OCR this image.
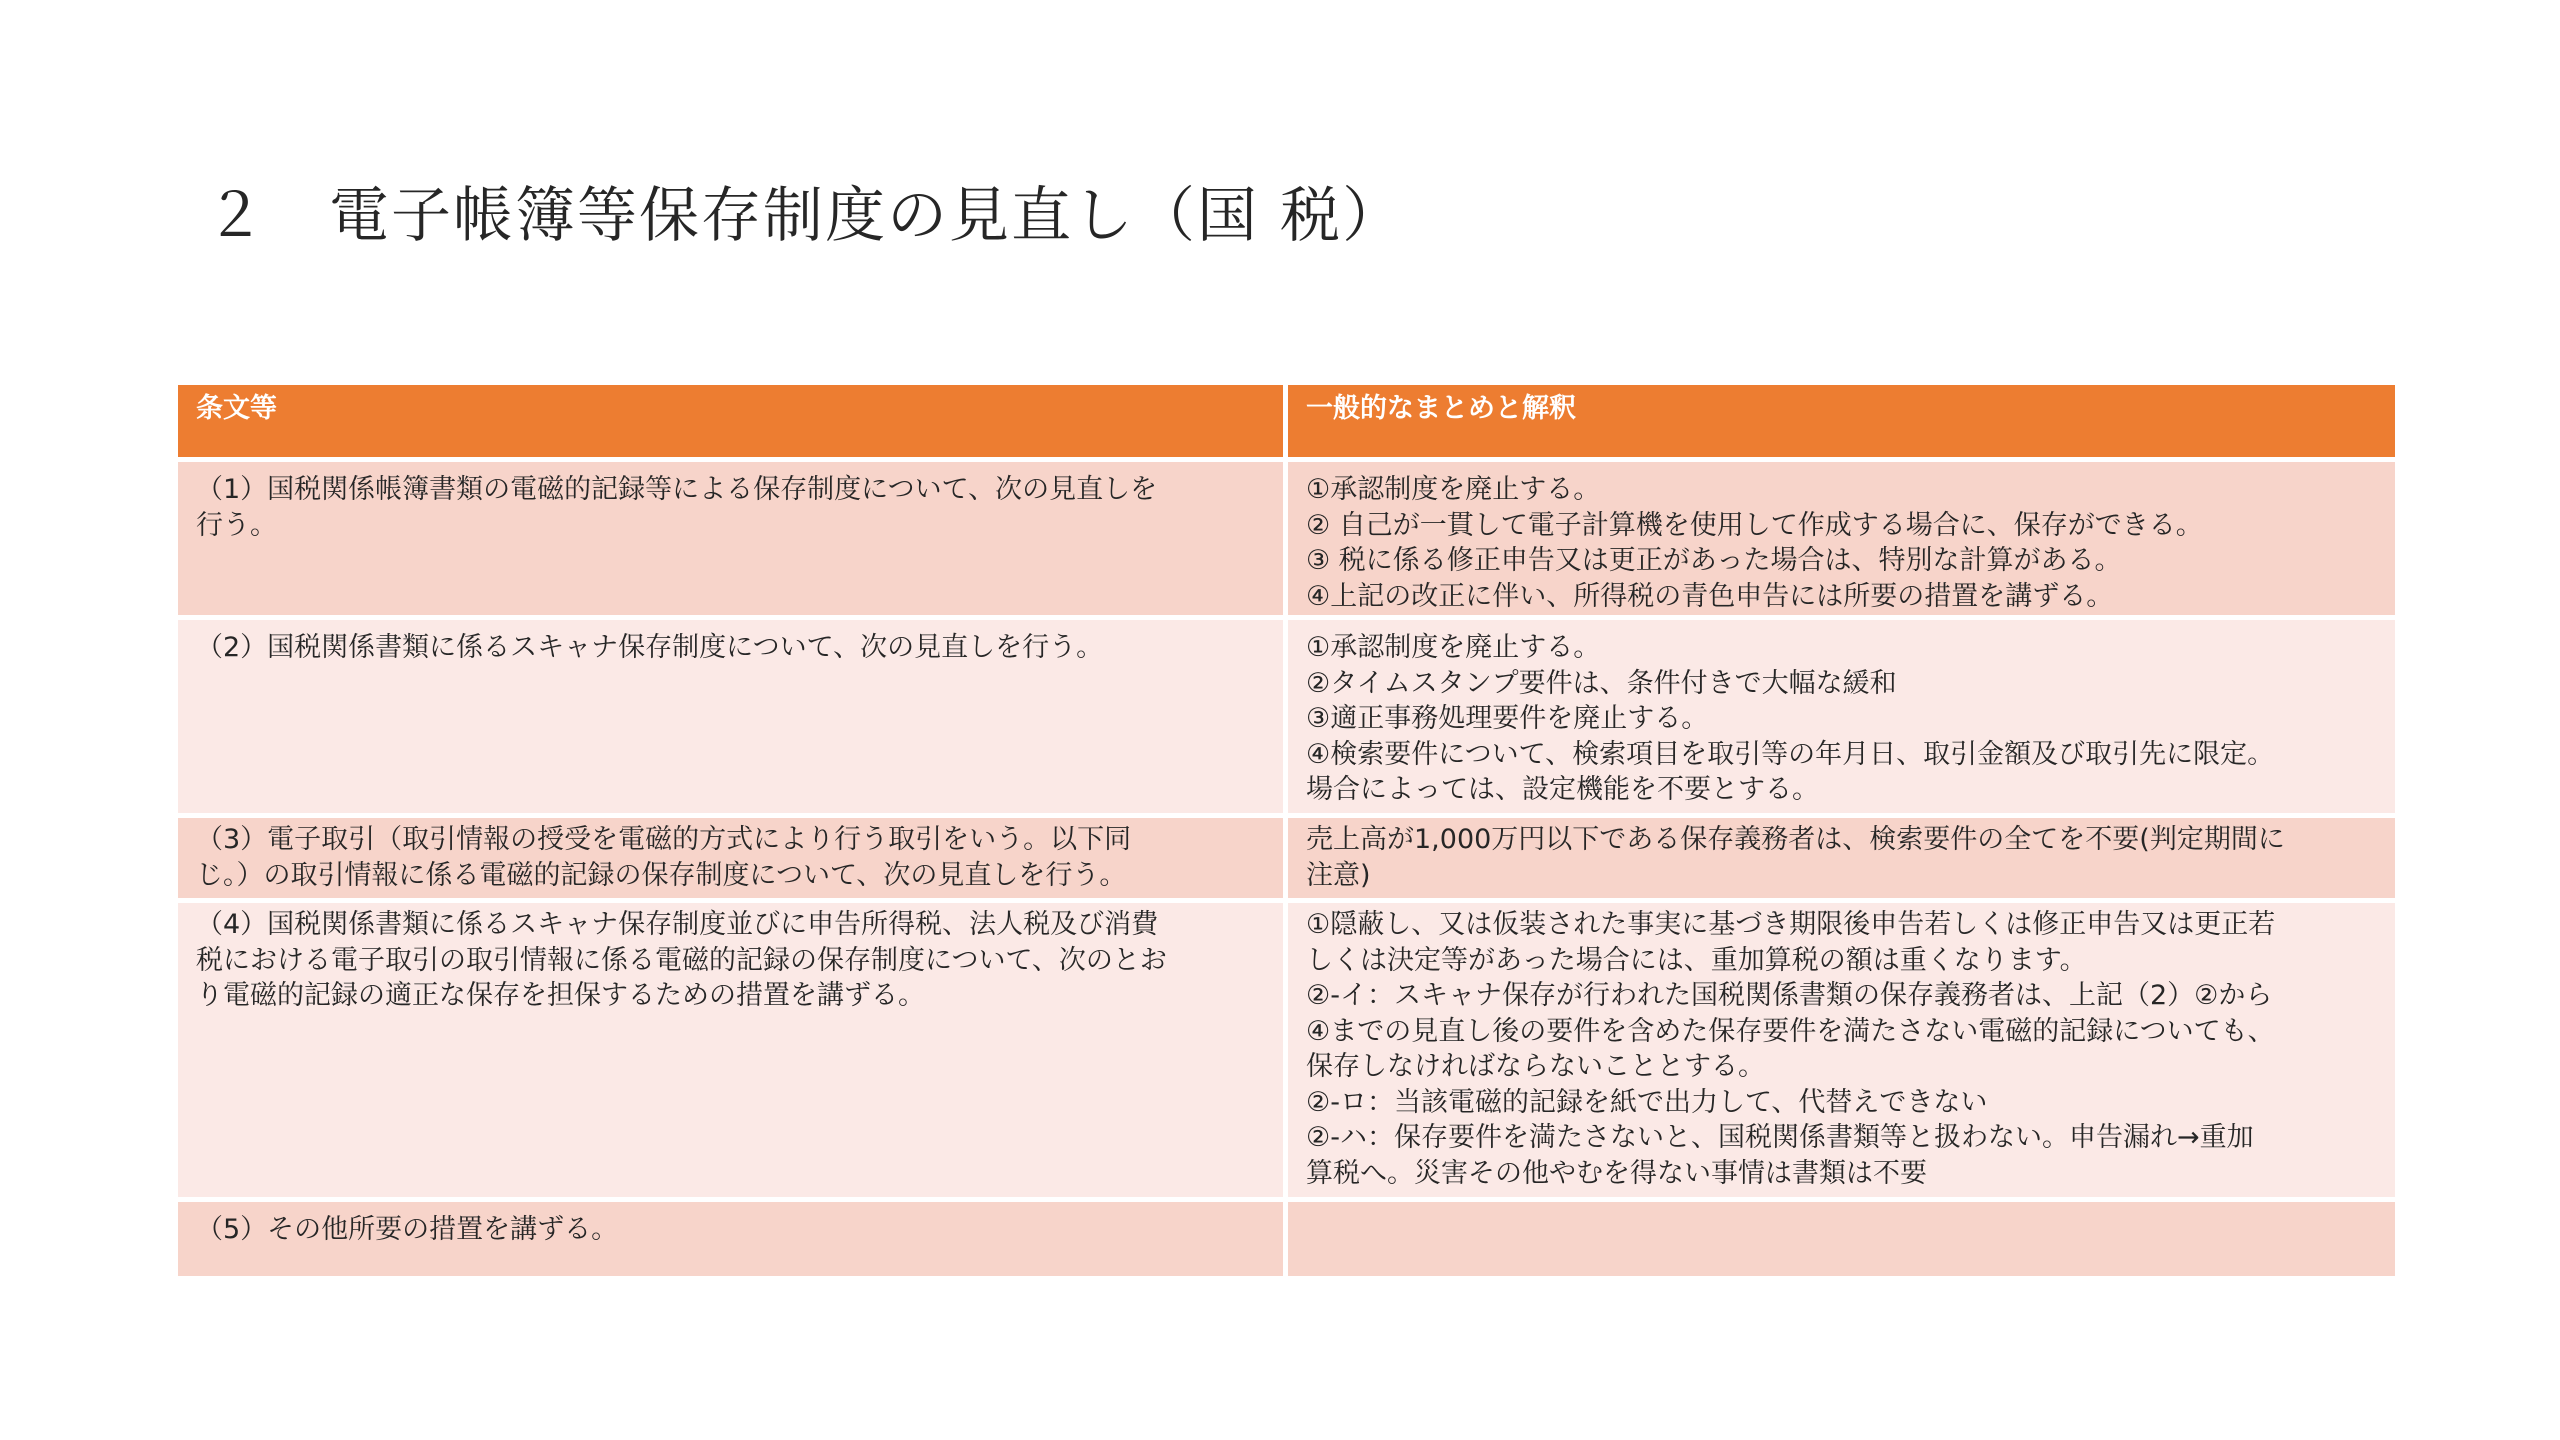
２　電子帳簿等保存制度の見直し（国 税）
条文等	一般的なまとめと解釈
（1）国税関係帳簿書類の電磁的記録等による保存制度について、次の見直しを
行う。
①承認制度を廃止する。
② 自己が一貫して電子計算機を使用して作成する場合に、保存ができる。
③ 税に係る修正申告又は更正があった場合は、特別な計算がある。
④上記の改正に伴い、所得税の青色申告には所要の措置を講ずる。
（2）国税関係書類に係るスキャナ保存制度について、次の見直しを行う。	①承認制度を廃止する。
②タイムスタンプ要件は、条件付きで大幅な緩和
③適正事務処理要件を廃止する。
④検索要件について、検索項目を取引等の年月日、取引金額及び取引先に限定。
場合によっては、設定機能を不要とする。
（3）電子取引（取引情報の授受を電磁的方式により行う取引をいう。以下同
じ。）の取引情報に係る電磁的記録の保存制度について、次の見直しを行う。
売上高が1,000万円以下である保存義務者は、検索要件の全てを不要(判定期間に
注意)
（4）国税関係書類に係るスキャナ保存制度並びに申告所得税、法人税及び消費
税における電子取引の取引情報に係る電磁的記録の保存制度について、次のとお
り電磁的記録の適正な保存を担保するための措置を講ずる。
①隠蔽し、又は仮装された事実に基づき期限後申告若しくは修正申告又は更正若
しくは決定等があった場合には、重加算税の額は重くなります。
②-イ：スキャナ保存が行われた国税関係書類の保存義務者は、上記（2）②から
④までの見直し後の要件を含めた保存要件を満たさない電磁的記録についても、
保存しなければならないこととする。
②-ロ：当該電磁的記録を紙で出力して、代替えできない
②-ハ：保存要件を満たさないと、国税関係書類等と扱わない。申告漏れ→重加
算税へ。災害その他やむを得ない事情は書類は不要
（5）その他所要の措置を講ずる。
